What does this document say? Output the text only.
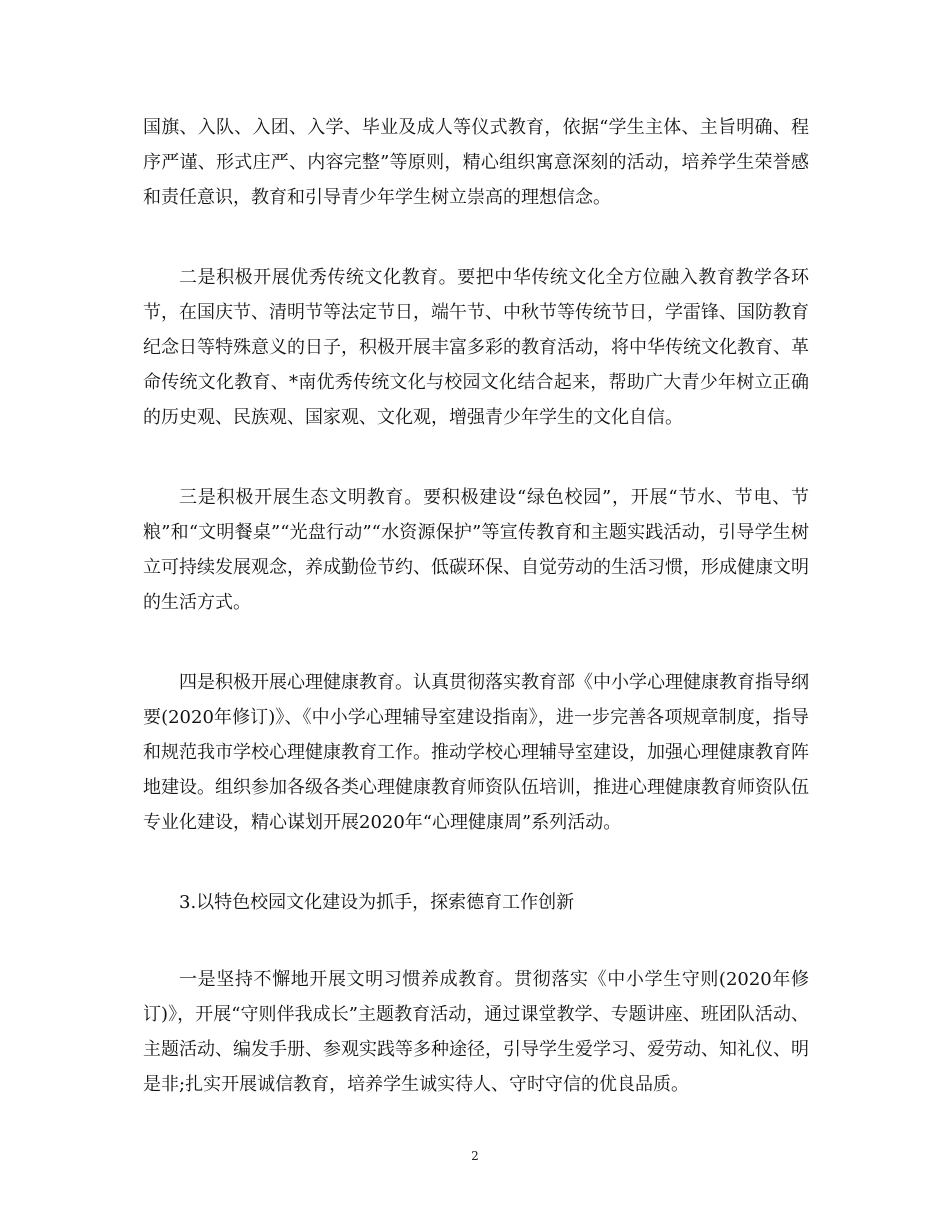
国旗、入队、入团、入学、毕业及成人等仪式教育，依据“学生主体、主旨明确、程序严谨、形式庄严、内容完整”等原则，精心组织寓意深刻的活动，培养学生荣誉感和责任意识，教育和引导青少年学生树立崇高的理想信念。

二是积极开展优秀传统文化教育。要把中华传统文化全方位融入教育教学各环节，在国庆节、清明节等法定节日，端午节、中秋节等传统节日，学雷锋、国防教育纪念日等特殊意义的日子，积极开展丰富多彩的教育活动，将中华传统文化教育、革命传统文化教育、*南优秀传统文化与校园文化结合起来，帮助广大青少年树立正确的历史观、民族观、国家观、文化观，增强青少年学生的文化自信。

三是积极开展生态文明教育。要积极建设“绿色校园”，开展“节水、节电、节粮”和“文明餐桌”“光盘行动”“水资源保护”等宣传教育和主题实践活动，引导学生树立可持续发展观念，养成勤俭节约、低碳环保、自觉劳动的生活习惯，形成健康文明的生活方式。

四是积极开展心理健康教育。认真贯彻落实教育部《中小学心理健康教育指导纲要(2020年修订)》、《中小学心理辅导室建设指南》，进一步完善各项规章制度，指导和规范我市学校心理健康教育工作。推动学校心理辅导室建设，加强心理健康教育阵地建设。组织参加各级各类心理健康教育师资队伍培训，推进心理健康教育师资队伍专业化建设，精心谋划开展2020年“心理健康周”系列活动。

3.以特色校园文化建设为抓手，探索德育工作创新

一是坚持不懈地开展文明习惯养成教育。贯彻落实《中小学生守则(2020年修订)》，开展“守则伴我成长”主题教育活动，通过课堂教学、专题讲座、班团队活动、主题活动、编发手册、参观实践等多种途径，引导学生爱学习、爱劳动、知礼仪、明是非;扎实开展诚信教育，培养学生诚实待人、守时守信的优良品质。

2
